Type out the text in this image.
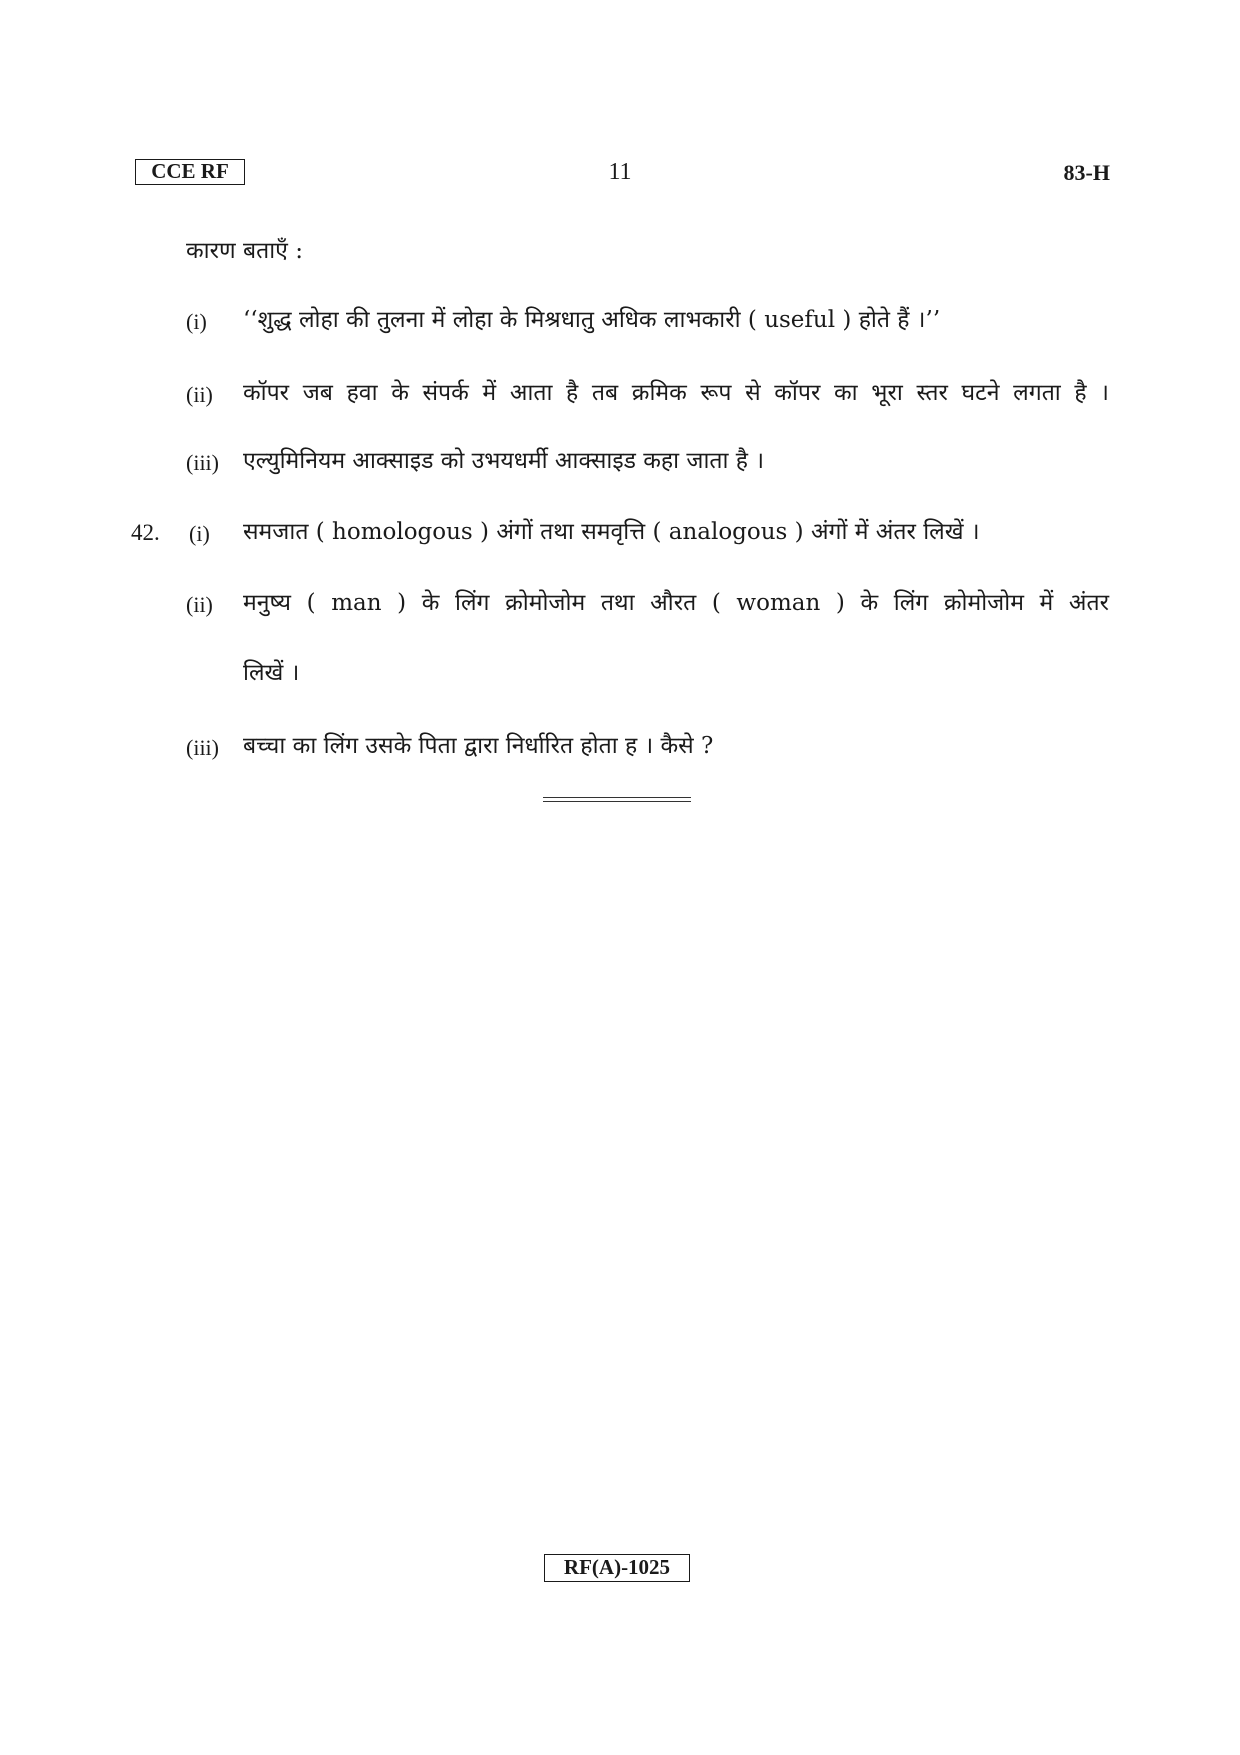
CCE RF	11	83-H
कारण बताएँ :
(i) ‘‘शुद्ध लोहा की तुलना में लोहा के मिश्रधातु अधिक लाभकारी ( useful ) होते हैं ।’’
(ii) कॉपर जब हवा के संपर्क में आता है तब क्रमिक रूप से कॉपर का भूरा स्तर घटने लगता है ।
(iii) एल्युमिनियम आक्साइड को उभयधर्मी आक्साइड कहा जाता है ।
42. (i) समजात ( homologous ) अंगों तथा समवृत्ति ( analogous ) अंगों में अंतर लिखें ।
(ii) मनुष्य ( man ) के लिंग क्रोमोजोम तथा औरत ( woman ) के लिंग क्रोमोजोम में अंतर
लिखें ।
(iii) बच्चा का लिंग उसके पिता द्वारा निर्धारित होता ह । कैसे ?
RF(A)-1025
